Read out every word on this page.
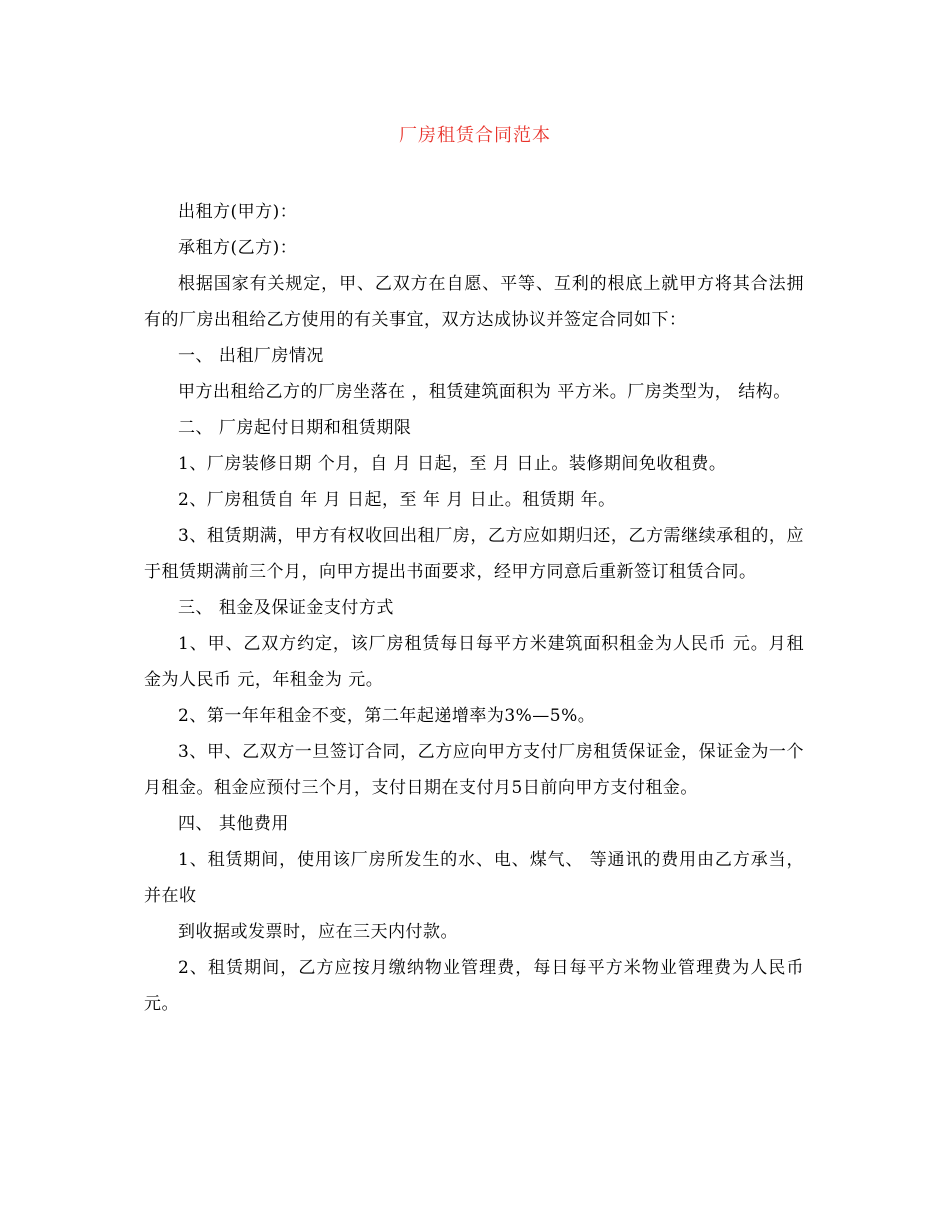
厂房租赁合同范本

出租方(甲方)：

承租方(乙方)：

根据国家有关规定，甲、乙双方在自愿、平等、互利的根底上就甲方将其合法拥有的厂房出租给乙方使用的有关事宜，双方达成协议并签定合同如下：

一、 出租厂房情况

甲方出租给乙方的厂房坐落在 ，租赁建筑面积为 平方米。厂房类型为， 结构。

二、 厂房起付日期和租赁期限

1、厂房装修日期 个月，自 月 日起，至 月 日止。装修期间免收租费。

2、厂房租赁自 年 月 日起，至 年 月 日止。租赁期 年。

3、租赁期满，甲方有权收回出租厂房，乙方应如期归还，乙方需继续承租的，应于租赁期满前三个月，向甲方提出书面要求，经甲方同意后重新签订租赁合同。

三、 租金及保证金支付方式

1、甲、乙双方约定，该厂房租赁每日每平方米建筑面积租金为人民币 元。月租金为人民币 元，年租金为 元。

2、第一年年租金不变，第二年起递增率为3%—5%。

3、甲、乙双方一旦签订合同，乙方应向甲方支付厂房租赁保证金，保证金为一个月租金。租金应预付三个月，支付日期在支付月5日前向甲方支付租金。

四、 其他费用

1、租赁期间，使用该厂房所发生的水、电、煤气、 等通讯的费用由乙方承当，并在收

到收据或发票时，应在三天内付款。

2、租赁期间，乙方应按月缴纳物业管理费，每日每平方米物业管理费为人民币 元。
